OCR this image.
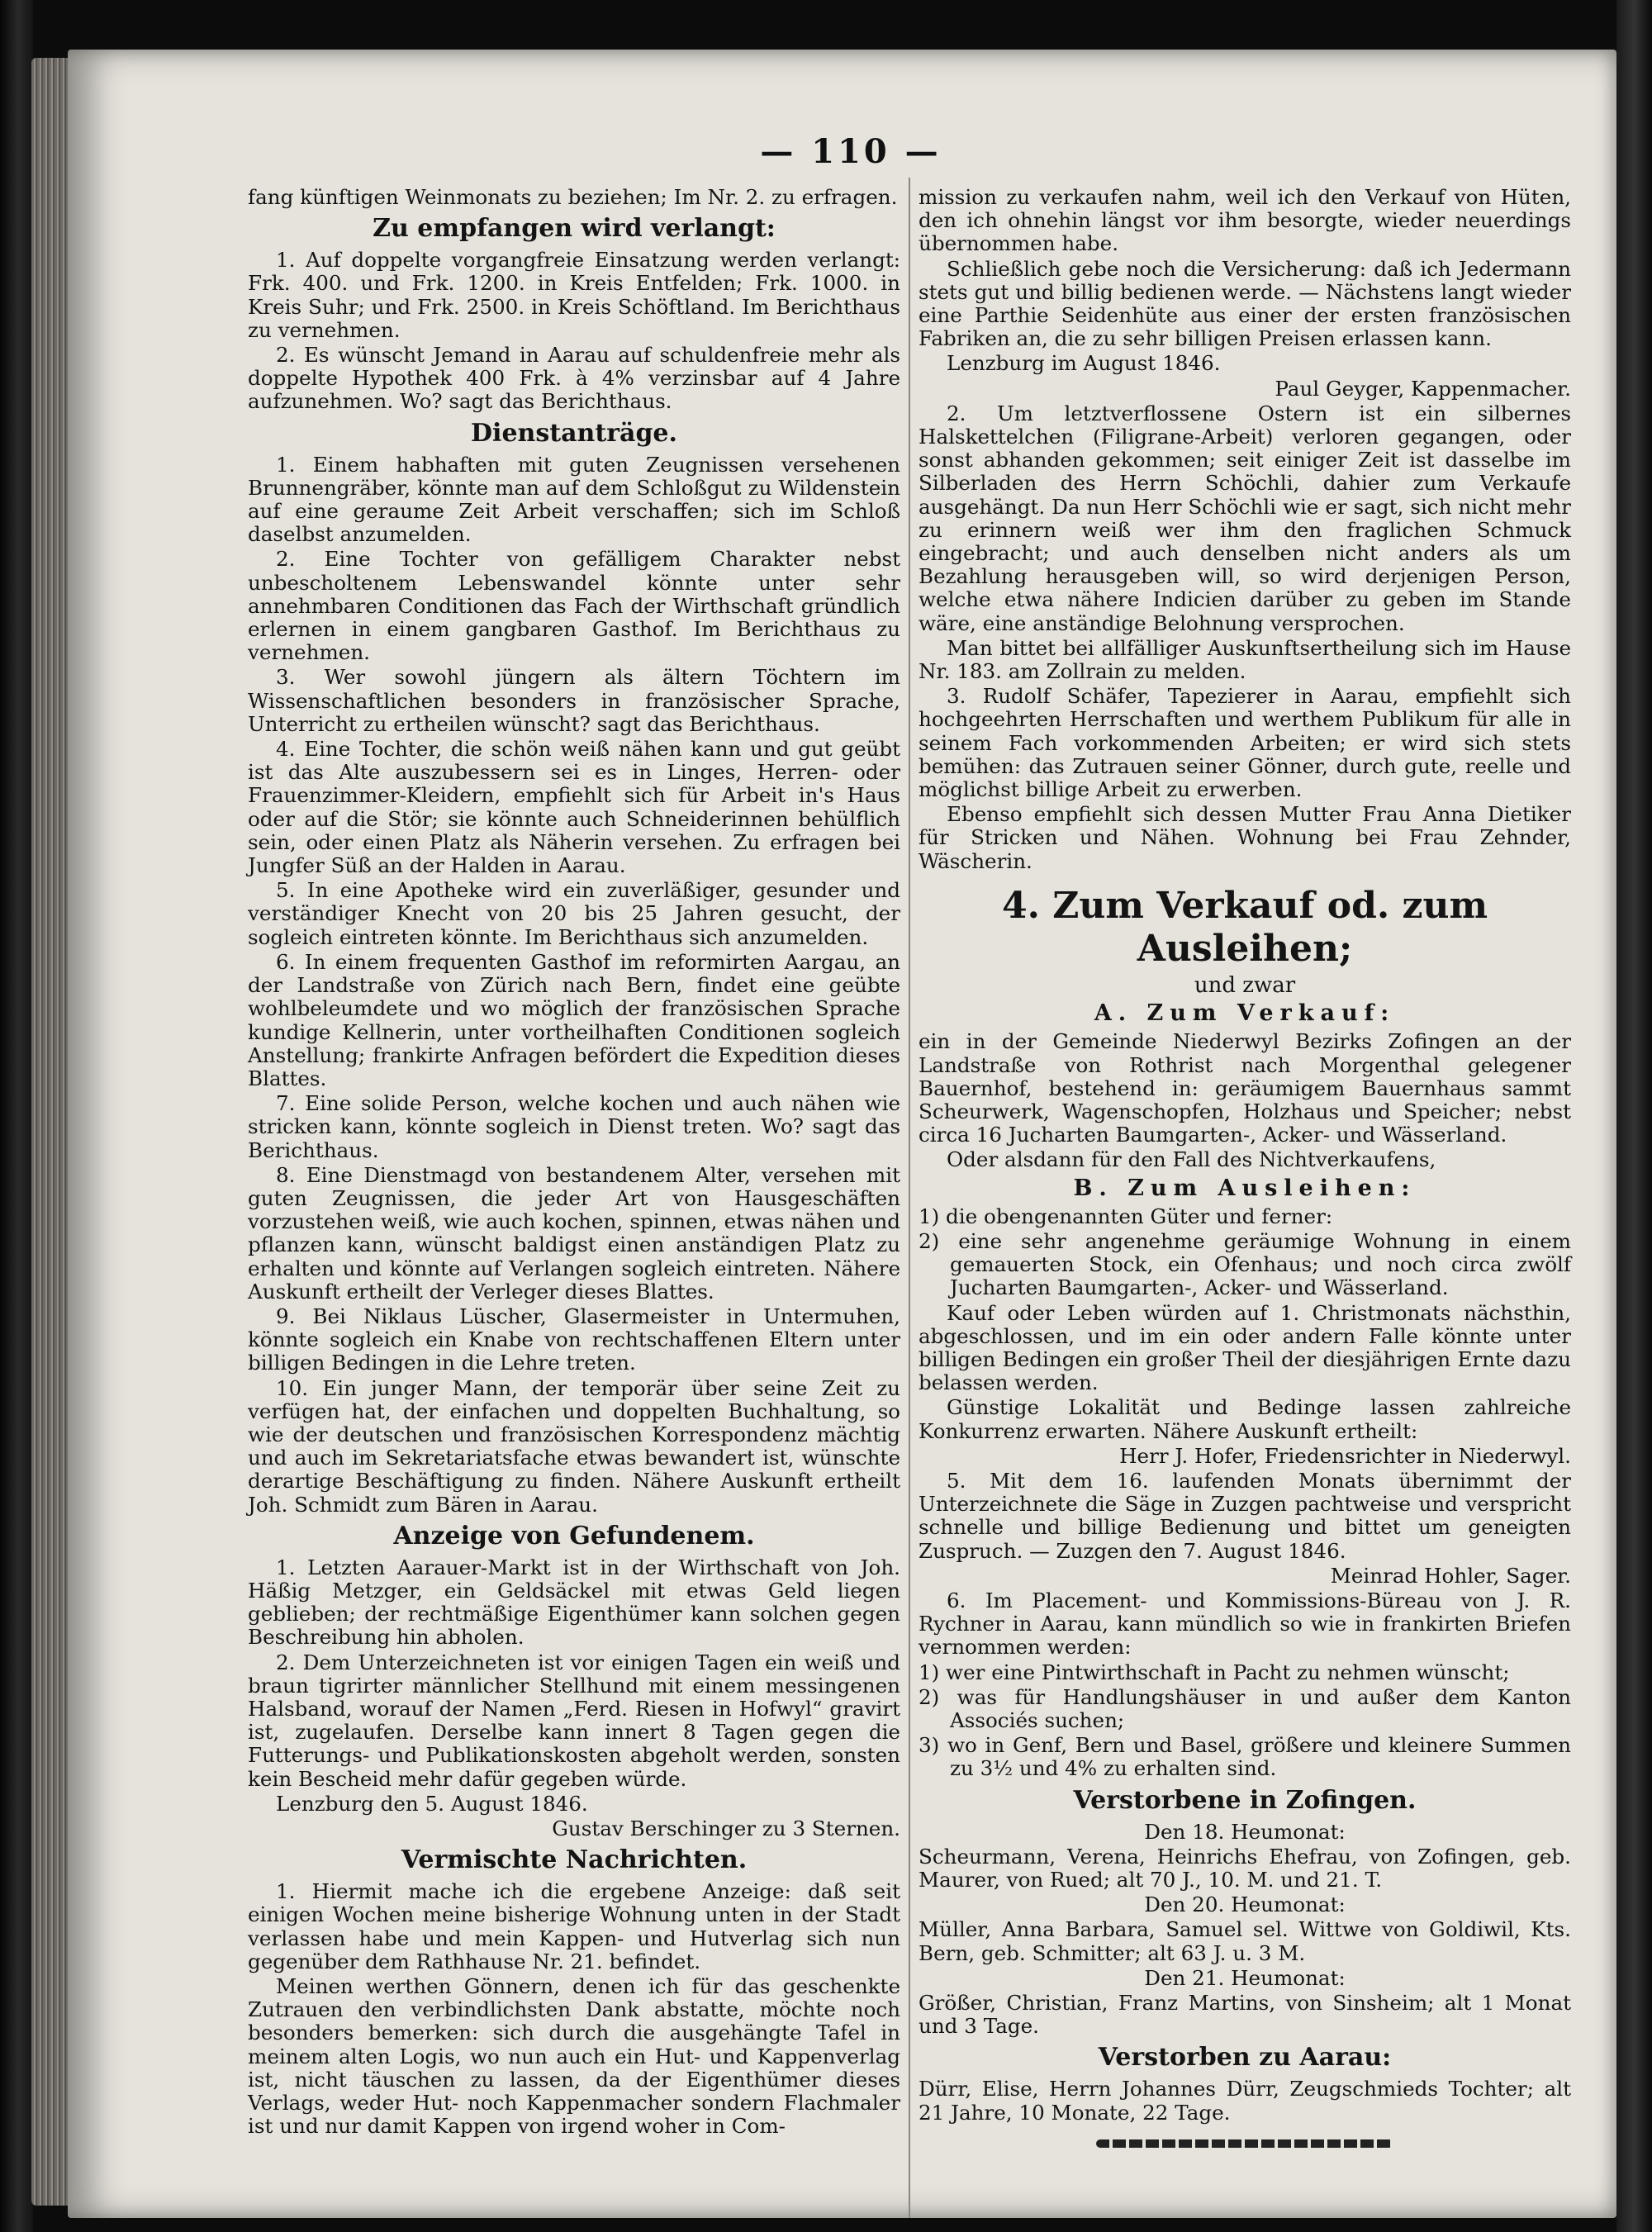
— 110 —

fang künftigen Weinmonats zu beziehen; Im Nr. 2. zu erfragen.

Zu empfangen wird verlangt:

1. Auf doppelte vorgangfreie Einsatzung werden verlangt: Frk. 400. und Frk. 1200. in Kreis Entfelden; Frk. 1000. in Kreis Suhr; und Frk. 2500. in Kreis Schöftland. Im Berichthaus zu vernehmen.

2. Es wünscht Jemand in Aarau auf schuldenfreie mehr als doppelte Hypothek 400 Frk. à 4% verzinsbar auf 4 Jahre aufzunehmen. Wo? sagt das Berichthaus.

Dienstanträge.

1. Einem habhaften mit guten Zeugnissen versehenen Brunnengräber, könnte man auf dem Schloßgut zu Wildenstein auf eine geraume Zeit Arbeit verschaffen; sich im Schloß daselbst anzumelden.

2. Eine Tochter von gefälligem Charakter nebst unbescholtenem Lebenswandel könnte unter sehr annehmbaren Conditionen das Fach der Wirthschaft gründlich erlernen in einem gangbaren Gasthof. Im Berichthaus zu vernehmen.

3. Wer sowohl jüngern als ältern Töchtern im Wissenschaftlichen besonders in französischer Sprache, Unterricht zu ertheilen wünscht? sagt das Berichthaus.

4. Eine Tochter, die schön weiß nähen kann und gut geübt ist das Alte auszubessern sei es in Linges, Herren- oder Frauenzimmer-Kleidern, empfiehlt sich für Arbeit in's Haus oder auf die Stör; sie könnte auch Schneiderinnen behülflich sein, oder einen Platz als Näherin versehen. Zu erfragen bei Jungfer Süß an der Halden in Aarau.

5. In eine Apotheke wird ein zuverläßiger, gesunder und verständiger Knecht von 20 bis 25 Jahren gesucht, der sogleich eintreten könnte. Im Berichthaus sich anzumelden.

6. In einem frequenten Gasthof im reformirten Aargau, an der Landstraße von Zürich nach Bern, findet eine geübte wohlbeleumdete und wo möglich der französischen Sprache kundige Kellnerin, unter vortheilhaften Conditionen sogleich Anstellung; frankirte Anfragen befördert die Expedition dieses Blattes.

7. Eine solide Person, welche kochen und auch nähen wie stricken kann, könnte sogleich in Dienst treten. Wo? sagt das Berichthaus.

8. Eine Dienstmagd von bestandenem Alter, versehen mit guten Zeugnissen, die jeder Art von Hausgeschäften vorzustehen weiß, wie auch kochen, spinnen, etwas nähen und pflanzen kann, wünscht baldigst einen anständigen Platz zu erhalten und könnte auf Verlangen sogleich eintreten. Nähere Auskunft ertheilt der Verleger dieses Blattes.

9. Bei Niklaus Lüscher, Glasermeister in Untermuhen, könnte sogleich ein Knabe von rechtschaffenen Eltern unter billigen Bedingen in die Lehre treten.

10. Ein junger Mann, der temporär über seine Zeit zu verfügen hat, der einfachen und doppelten Buchhaltung, so wie der deutschen und französischen Korrespondenz mächtig und auch im Sekretariatsfache etwas bewandert ist, wünschte derartige Beschäftigung zu finden. Nähere Auskunft ertheilt Joh. Schmidt zum Bären in Aarau.

Anzeige von Gefundenem.

1. Letzten Aarauer-Markt ist in der Wirthschaft von Joh. Häßig Metzger, ein Geldsäckel mit etwas Geld liegen geblieben; der rechtmäßige Eigenthümer kann solchen gegen Beschreibung hin abholen.

2. Dem Unterzeichneten ist vor einigen Tagen ein weiß und braun tigrirter männlicher Stellhund mit einem messingenen Halsband, worauf der Namen „Ferd. Riesen in Hofwyl“ gravirt ist, zugelaufen. Derselbe kann innert 8 Tagen gegen die Futterungs- und Publikationskosten abgeholt werden, sonsten kein Bescheid mehr dafür gegeben würde.

Lenzburg den 5. August 1846.

Gustav Berschinger zu 3 Sternen.

Vermischte Nachrichten.

1. Hiermit mache ich die ergebene Anzeige: daß seit einigen Wochen meine bisherige Wohnung unten in der Stadt verlassen habe und mein Kappen- und Hutverlag sich nun gegenüber dem Rathhause Nr. 21. befindet.

Meinen werthen Gönnern, denen ich für das geschenkte Zutrauen den verbindlichsten Dank abstatte, möchte noch besonders bemerken: sich durch die ausgehängte Tafel in meinem alten Logis, wo nun auch ein Hut- und Kappenverlag ist, nicht täuschen zu lassen, da der Eigenthümer dieses Verlags, weder Hut- noch Kappenmacher sondern Flachmaler ist und nur damit Kappen von irgend woher in Com-

mission zu verkaufen nahm, weil ich den Verkauf von Hüten, den ich ohnehin längst vor ihm besorgte, wieder neuerdings übernommen habe.

Schließlich gebe noch die Versicherung: daß ich Jedermann stets gut und billig bedienen werde. — Nächstens langt wieder eine Parthie Seidenhüte aus einer der ersten französischen Fabriken an, die zu sehr billigen Preisen erlassen kann.

Lenzburg im August 1846.

Paul Geyger, Kappenmacher.

2. Um letztverflossene Ostern ist ein silbernes Halskettelchen (Filigrane-Arbeit) verloren gegangen, oder sonst abhanden gekommen; seit einiger Zeit ist dasselbe im Silberladen des Herrn Schöchli, dahier zum Verkaufe ausgehängt. Da nun Herr Schöchli wie er sagt, sich nicht mehr zu erinnern weiß wer ihm den fraglichen Schmuck eingebracht; und auch denselben nicht anders als um Bezahlung herausgeben will, so wird derjenigen Person, welche etwa nähere Indicien darüber zu geben im Stande wäre, eine anständige Belohnung versprochen.

Man bittet bei allfälliger Auskunftsertheilung sich im Hause Nr. 183. am Zollrain zu melden.

3. Rudolf Schäfer, Tapezierer in Aarau, empfiehlt sich hochgeehrten Herrschaften und werthem Publikum für alle in seinem Fach vorkommenden Arbeiten; er wird sich stets bemühen: das Zutrauen seiner Gönner, durch gute, reelle und möglichst billige Arbeit zu erwerben.

Ebenso empfiehlt sich dessen Mutter Frau Anna Dietiker für Stricken und Nähen. Wohnung bei Frau Zehnder, Wäscherin.

4. Zum Verkauf od. zum Ausleihen;
und zwar
A. Zum Verkauf:

ein in der Gemeinde Niederwyl Bezirks Zofingen an der Landstraße von Rothrist nach Morgenthal gelegener Bauernhof, bestehend in: geräumigem Bauernhaus sammt Scheurwerk, Wagenschopfen, Holzhaus und Speicher; nebst circa 16 Jucharten Baumgarten-, Acker- und Wässerland.

Oder alsdann für den Fall des Nichtverkaufens,

B. Zum Ausleihen:

1) die obengenannten Güter und ferner:

2) eine sehr angenehme geräumige Wohnung in einem gemauerten Stock, ein Ofenhaus; und noch circa zwölf Jucharten Baumgarten-, Acker- und Wässerland.

Kauf oder Leben würden auf 1. Christmonats nächsthin, abgeschlossen, und im ein oder andern Falle könnte unter billigen Bedingen ein großer Theil der diesjährigen Ernte dazu belassen werden.

Günstige Lokalität und Bedinge lassen zahlreiche Konkurrenz erwarten. Nähere Auskunft ertheilt:

Herr J. Hofer, Friedensrichter in Niederwyl.

5. Mit dem 16. laufenden Monats übernimmt der Unterzeichnete die Säge in Zuzgen pachtweise und verspricht schnelle und billige Bedienung und bittet um geneigten Zuspruch. — Zuzgen den 7. August 1846.

Meinrad Hohler, Sager.

6. Im Placement- und Kommissions-Büreau von J. R. Rychner in Aarau, kann mündlich so wie in frankirten Briefen vernommen werden:

1) wer eine Pintwirthschaft in Pacht zu nehmen wünscht;

2) was für Handlungshäuser in und außer dem Kanton Associés suchen;

3) wo in Genf, Bern und Basel, größere und kleinere Summen zu 3½ und 4% zu erhalten sind.

Verstorbene in Zofingen.

Den 18. Heumonat:

Scheurmann, Verena, Heinrichs Ehefrau, von Zofingen, geb. Maurer, von Rued; alt 70 J., 10. M. und 21. T.

Den 20. Heumonat:

Müller, Anna Barbara, Samuel sel. Wittwe von Goldiwil, Kts. Bern, geb. Schmitter; alt 63 J. u. 3 M.

Den 21. Heumonat:

Größer, Christian, Franz Martins, von Sinsheim; alt 1 Monat und 3 Tage.

Verstorben zu Aarau:

Dürr, Elise, Herrn Johannes Dürr, Zeugschmieds Tochter; alt 21 Jahre, 10 Monate, 22 Tage.
